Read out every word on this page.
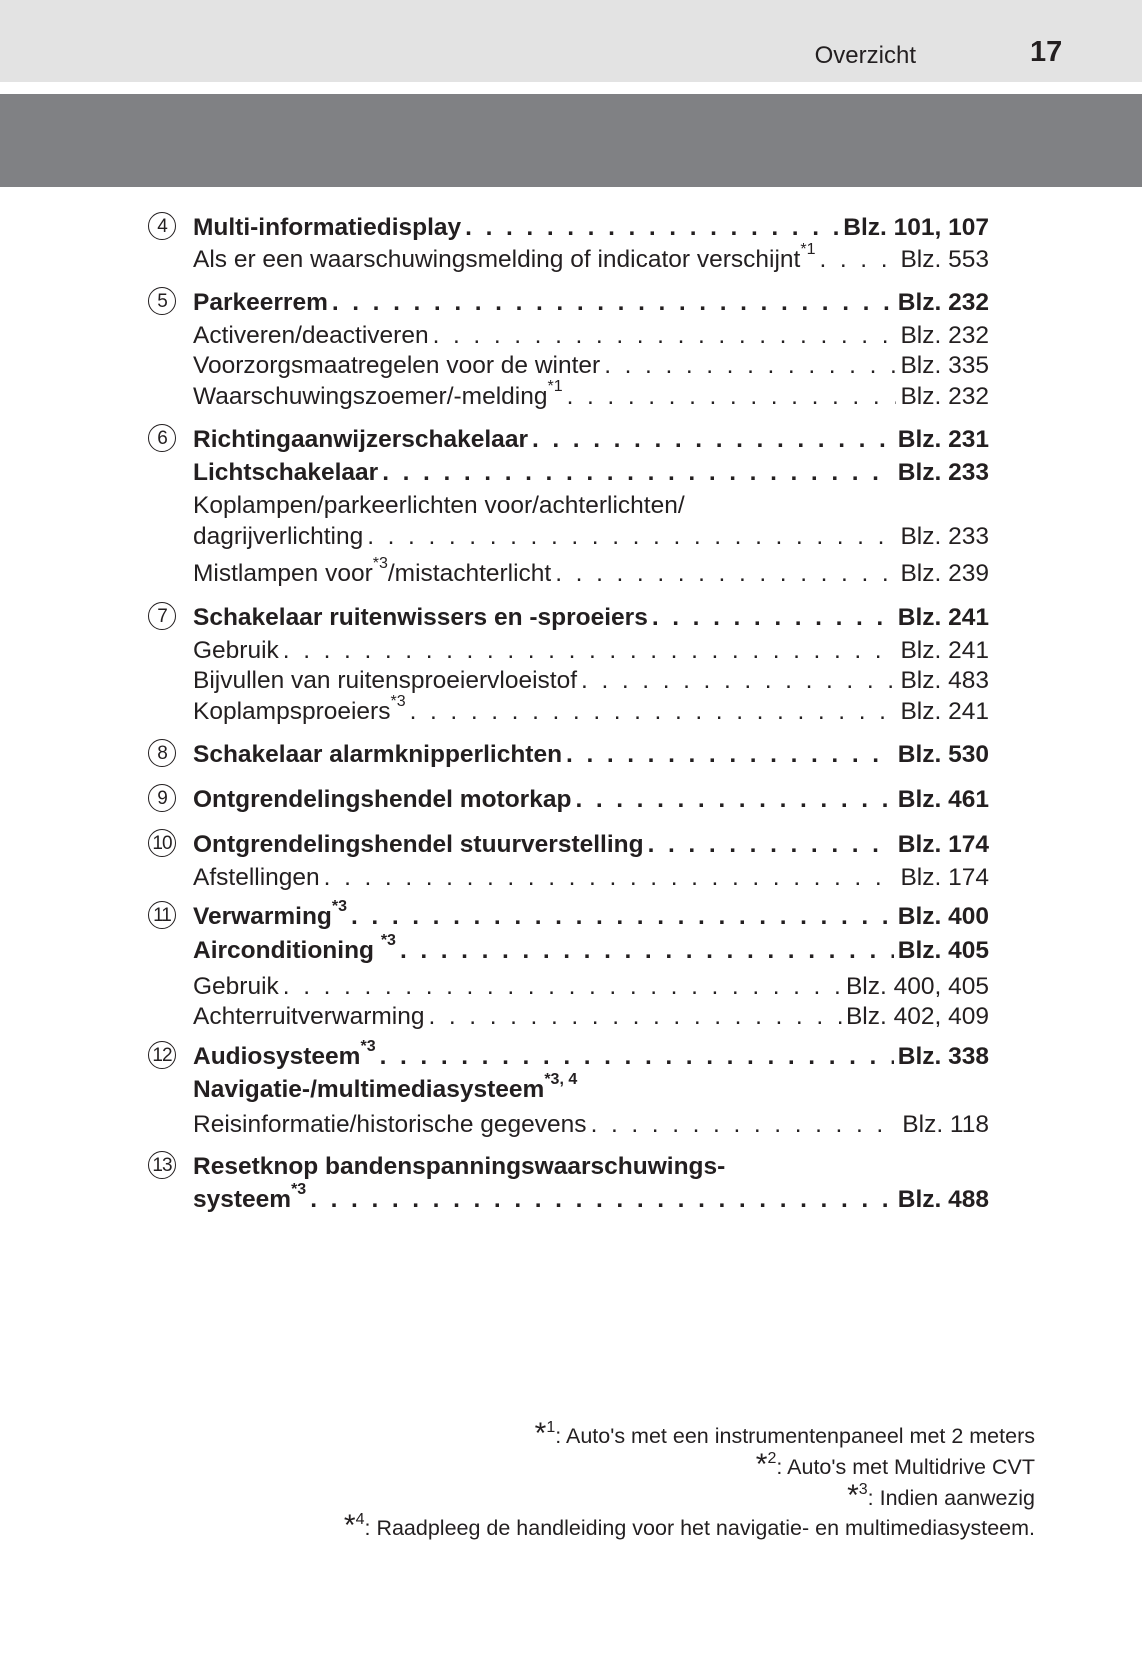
Overzicht	17
4	Multi-informatiedisplay . . .	Blz. 101, 107
Als er een waarschuwingsmelding of indicator verschijnt$^{*1}$ . . .	Blz. 553
5	Parkeerrem . . .	Blz. 232
Activeren/deactiveren . . .	Blz. 232
Voorzorgsmaatregelen voor de winter . . .	Blz. 335
Waarschuwingszoemer/-melding$^{*1}$ . . .	Blz. 232
6	Richtingaanwijzerschakelaar . . .	Blz. 231
Lichtschakelaar . . .	Blz. 233
Koplampen/parkeerlichten voor/achterlichten/
dagrijverlichting . . .	Blz. 233
Mistlampen voor$^{*3}$/mistachterlicht . . .	Blz. 239
7	Schakelaar ruitenwissers en -sproeiers . . .	Blz. 241
Gebruik . . .	Blz. 241
Bijvullen van ruitensproeiervloeistof . . .	Blz. 483
Koplampsproeiers$^{*3}$ . . .	Blz. 241
8	Schakelaar alarmknipperlichten . . .	Blz. 530
9	Ontgrendelingshendel motorkap . . .	Blz. 461
10 Ontgrendelingshendel stuurverstelling . . .	Blz. 174
Afstellingen . . .	Blz. 174
11 Verwarming$^{*3}$ . . .	Blz. 400
Airconditioning $^{*3}$ . . .	Blz. 405
Gebruik . . .	Blz. 400, 405
Achterruitverwarming . . .	Blz. 402, 409
12 Audiosysteem$^{*3}$ . . .	Blz. 338
Navigatie-/multimediasysteem$^{*3, 4}$
Reisinformatie/historische gegevens . . .	Blz. 118
13 Resetknop bandenspanningswaarschuwings-
systeem$^{*3}$ . . .	Blz. 488
*$^1$: Auto's met een instrumentenpaneel met 2 meters
*$^2$: Auto's met Multidrive CVT
*$^3$: Indien aanwezig
*$^4$: Raadpleeg de handleiding voor het navigatie- en multimediasysteem.
